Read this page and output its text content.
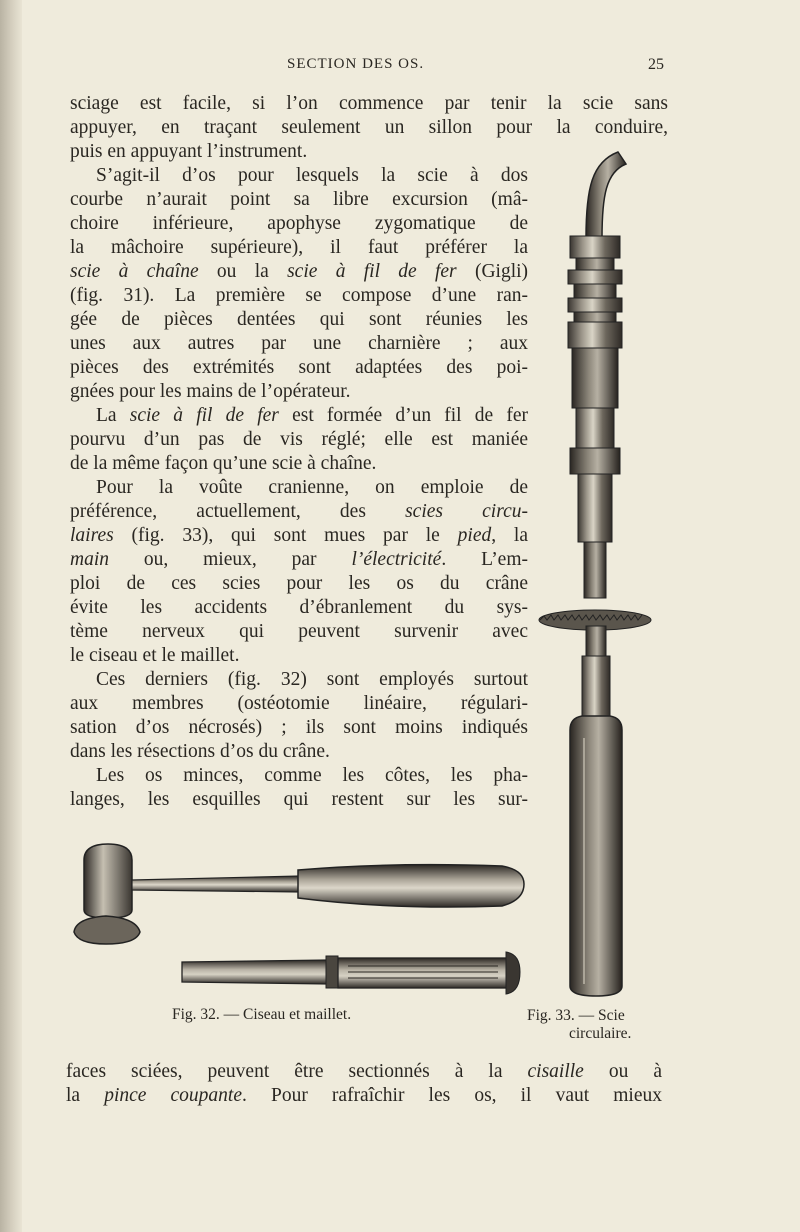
SECTION DES OS.	25
sciage est facile, si l’on commence par tenir la scie sans
appuyer, en traçant seulement un sillon pour la conduire,
puis en appuyant l’instrument.
S’agit-il d’os pour lesquels la scie à dos
courbe n’aurait point sa libre excursion (mâ-
choire inférieure, apophyse zygomatique de
la mâchoire supérieure), il faut préférer la
scie à chaîne ou la scie à fil de fer (Gigli)
(fig. 31). La première se compose d’une ran-
gée de pièces dentées qui sont réunies les
unes aux autres par une charnière ; aux
pièces des extrémités sont adaptées des poi-
gnées pour les mains de l’opérateur.
La scie à fil de fer est formée d’un fil de fer
pourvu d’un pas de vis réglé; elle est maniée
de la même façon qu’une scie à chaîne.
Pour la voûte cranienne, on emploie de
préférence, actuellement, des scies circu-
laires (fig. 33), qui sont mues par le pied, la
main ou, mieux, par l’électricité. L’em-
ploi de ces scies pour les os du crâne
évite les accidents d’ébranlement du sys-
tème nerveux qui peuvent survenir avec
le ciseau et le maillet.
Ces derniers (fig. 32) sont employés surtout
aux membres (ostéotomie linéaire, régulari-
sation d’os nécrosés) ; ils sont moins indiqués
dans les résections d’os du crâne.
Les os minces, comme les côtes, les pha-
langes, les esquilles qui restent sur les sur-
faces sciées, peuvent être sectionnés à la cisaille ou à
la pince coupante. Pour rafraîchir les os, il vaut mieux
Fig. 32. — Ciseau et maillet.	Fig. 33. — Scie
circulaire.
